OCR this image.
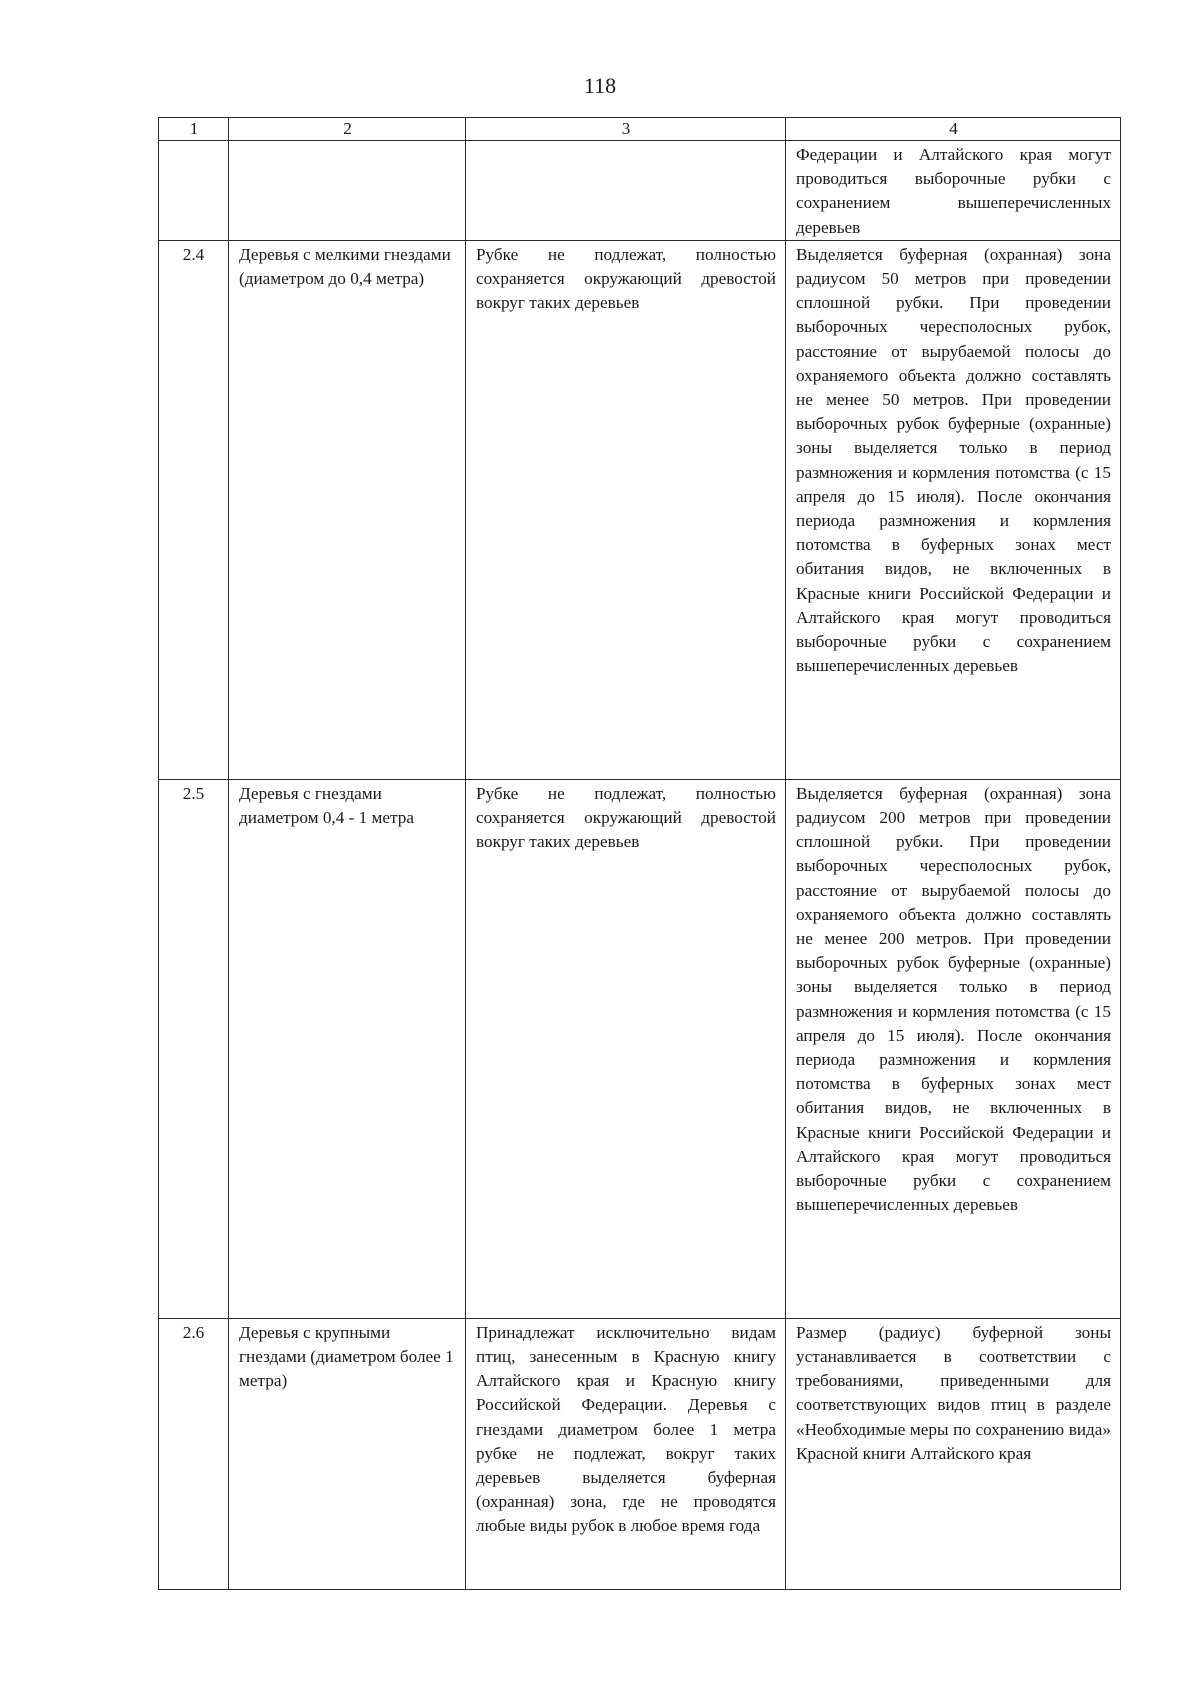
118
1	2	3	4
			Федерации и Алтайского края могут проводиться выборочные рубки с сохранением вышеперечисленных деревьев
2.4	Деревья с мелкими гнездами (диаметром до 0,4 метра)	Рубке не подлежат, полностью сохраняется окружающий древостой вокруг таких деревьев	Выделяется буферная (охранная) зона радиусом 50 метров при проведении сплошной рубки. При проведении выборочных чересполосных рубок, расстояние от вырубаемой полосы до охраняемого объекта должно составлять не менее 50 метров. При проведении выборочных рубок буферные (охранные) зоны выделяется только в период размножения и кормления потомства (с 15 апреля до 15 июля). После окончания периода размножения и кормления потомства в буферных зонах мест обитания видов, не включенных в Красные книги Российской Федерации и Алтайского края могут проводиться выборочные рубки с сохранением вышеперечисленных деревьев
2.5	Деревья с гнездами диаметром 0,4 - 1 метра	Рубке не подлежат, полностью сохраняется окружающий древостой вокруг таких деревьев	Выделяется буферная (охранная) зона радиусом 200 метров при проведении сплошной рубки. При проведении выборочных чересполосных рубок, расстояние от вырубаемой полосы до охраняемого объекта должно составлять не менее 200 метров. При проведении выборочных рубок буферные (охранные) зоны выделяется только в период размножения и кормления потомства (с 15 апреля до 15 июля). После окончания периода размножения и кормления потомства в буферных зонах мест обитания видов, не включенных в Красные книги Российской Федерации и Алтайского края могут проводиться выборочные рубки с сохранением вышеперечисленных деревьев
2.6	Деревья с крупными гнездами (диаметром более 1 метра)	Принадлежат исключительно видам птиц, занесенным в Красную книгу Алтайского края и Красную книгу Российской Федерации. Деревья с гнездами диаметром более 1 метра рубке не подлежат, вокруг таких деревьев выделяется буферная (охранная) зона, где не проводятся любые виды рубок в любое время года	Размер (радиус) буферной зоны устанавливается в соответствии с требованиями, приведенными для соответствующих видов птиц в разделе «Необходимые меры по сохранению вида» Красной книги Алтайского края
